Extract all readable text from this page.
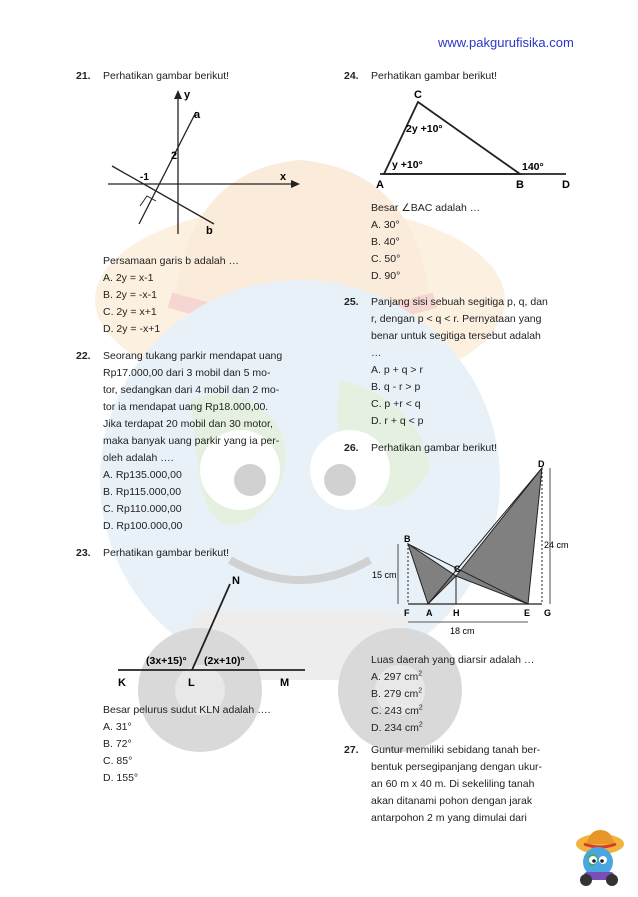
www.pakgurufisika.com
21. Perhatikan gambar berikut!

y
x
a
b
2
-1

Persamaan garis b adalah …

A. 2y = x-1
B. 2y = -x-1
C. 2y = x+1
D. 2y = -x+1
22. Seorang tukang parkir mendapat uang
Rp17.000,00 dari 3 mobil dan 5 mo-
tor, sedangkan dari 4 mobil dan 2 mo-
tor ia mendapat uang Rp18.000,00.
Jika terdapat 20 mobil dan 30 motor,
maka banyak uang parkir yang ia per-
oleh adalah ….
A. Rp135.000,00
B. Rp115.000,00
C. Rp110.000,00
D. Rp100.000,00
23. Perhatikan gambar berikut!

N
K	L	M
(3x+15)° (2x+10)°

Besar pelurus sudut KLN adalah ….

A. 31°
B. 72°
C. 85°
D. 155°
24. Perhatikan gambar berikut!

C
A	B	D
2y +10°
y +10°	140°

Besar ∠BAC adalah …

A. 30°
B. 40°
C. 50°
D. 90°
25. Panjang sisi sebuah segitiga p, q, dan
r, dengan p < q < r. Pernyataan yang
benar untuk segitiga tersebut adalah
…
A. p + q > r
B. q - r > p
C. p +r < q
D. r + q < p
26. Perhatikan gambar berikut!

B
C
D
F A H	E G
15 cm
24 cm
18 cm

Luas daerah yang diarsir adalah …

A. 297 $cm^2$
B. 279 $cm^2$
C. 243 $cm^2$
D. 234 $cm^2$
27. Guntur memiliki sebidang tanah ber-
bentuk persegipanjang dengan ukur-
an 60 m x 40 m. Di sekeliling tanah
akan ditanami pohon dengan jarak
antarpohon 2 m yang dimulai dari
